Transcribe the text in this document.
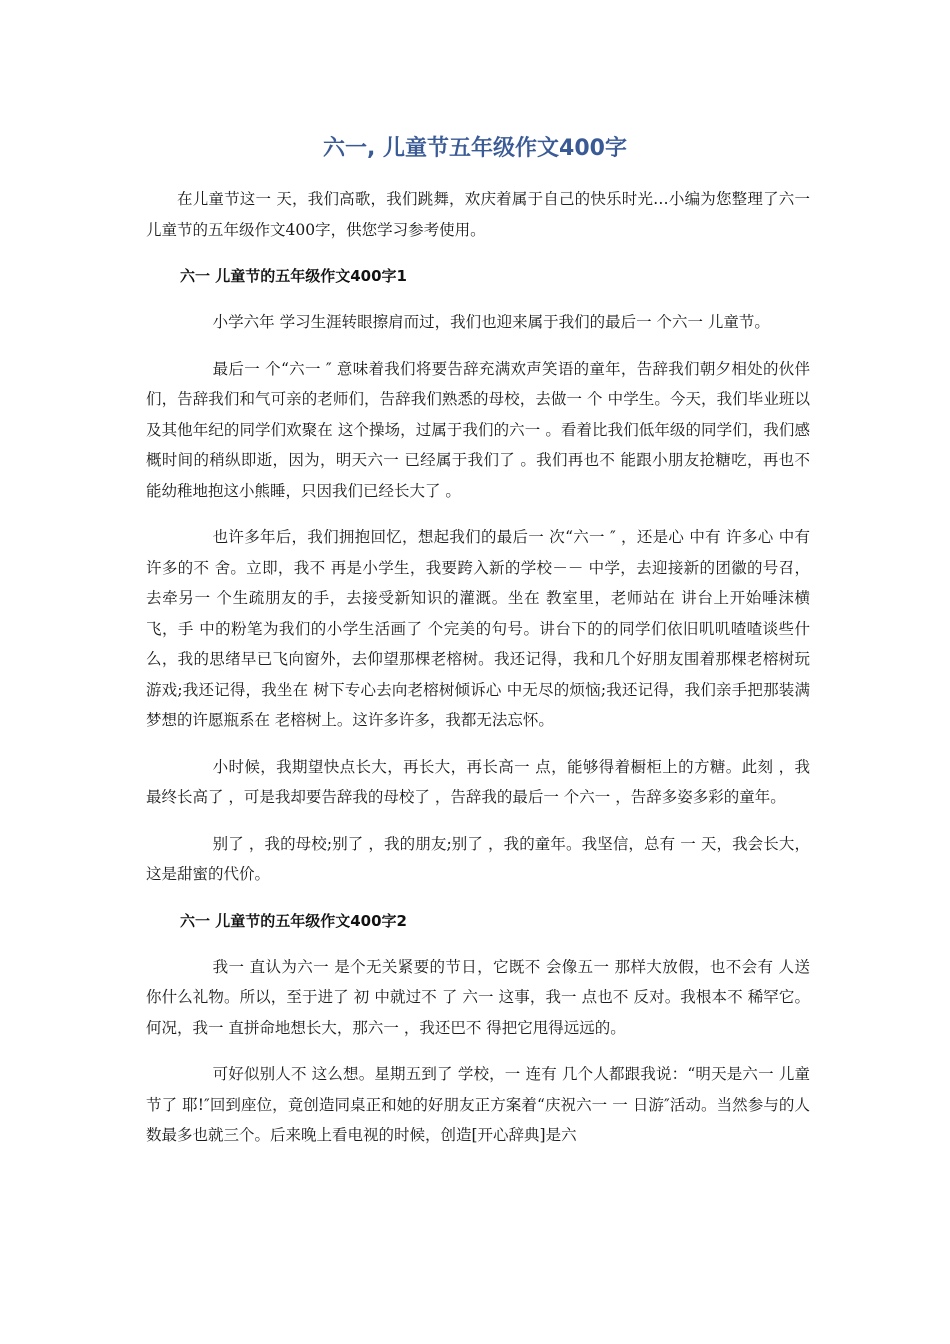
六一, 儿童节五年级作文400字

在儿童节这一 天，我们高歌，我们跳舞，欢庆着属于自己的快乐时光…小编为您整理了六一 儿童节的五年级作文400字，供您学习参考使用。

六一 儿童节的五年级作文400字1

小学六年 学习生涯转眼擦肩而过，我们也迎来属于我们的最后一 个六一 儿童节。

最后一 个“六一 ″ 意味着我们将要告辞充满欢声笑语的童年，告辞我们朝夕相处的伙伴们，告辞我们和气可亲的老师们，告辞我们熟悉的母校，去做一 个 中学生。今天，我们毕业班以及其他年纪的同学们欢聚在 这个操场，过属于我们的六一 。看着比我们低年级的同学们，我们感概时间的稍纵即逝，因为，明天六一 已经属于我们了 。我们再也不 能跟小朋友抢糖吃，再也不 能幼稚地抱这小熊睡，只因我们已经长大了 。

也许多年后，我们拥抱回忆，想起我们的最后一 次“六一 ″ ，还是心 中有 许多心 中有 许多的不 舍。立即，我不 再是小学生，我要跨入新的学校－－ 中学，去迎接新的团徽的号召，去牵另一 个生疏朋友的手，去接受新知识的灌溉。坐在 教室里，老师站在 讲台上开始唾沫横飞，手 中的粉笔为我们的小学生活画了 个完美的句号。讲台下的的同学们依旧叽叽喳喳谈些什么，我的思绪早已飞向窗外，去仰望那棵老榕树。我还记得，我和几个好朋友围着那棵老榕树玩游戏;我还记得，我坐在 树下专心去向老榕树倾诉心 中无尽的烦恼;我还记得，我们亲手把那装满梦想的许愿瓶系在 老榕树上。这许多许多，我都无法忘怀。

小时候，我期望快点长大，再长大，再长高一 点，能够得着橱柜上的方糖。此刻 ，我最终长高了 ，可是我却要告辞我的母校了 ，告辞我的最后一 个六一 ，告辞多姿多彩的童年。

别了 ，我的母校;别了 ，我的朋友;别了 ，我的童年。我坚信，总有 一 天，我会长大，这是甜蜜的代价。

六一 儿童节的五年级作文400字2

我一 直认为六一 是个无关紧要的节日，它既不 会像五一 那样大放假，也不会有 人送你什么礼物。所以，至于进了 初 中就过不 了 六一 这事，我一 点也不 反对。我根本不 稀罕它。何况，我一 直拼命地想长大，那六一 ，我还巴不 得把它甩得远远的。

可好似别人不 这么想。星期五到了 学校，一 连有 几个人都跟我说：“明天是六一 儿童节了 耶!″回到座位，竟创造同桌正和她的好朋友正方案着“庆祝六一 一 日游″活动。当然参与的人数最多也就三个。后来晚上看电视的时候，创造[开心辞典]是六
